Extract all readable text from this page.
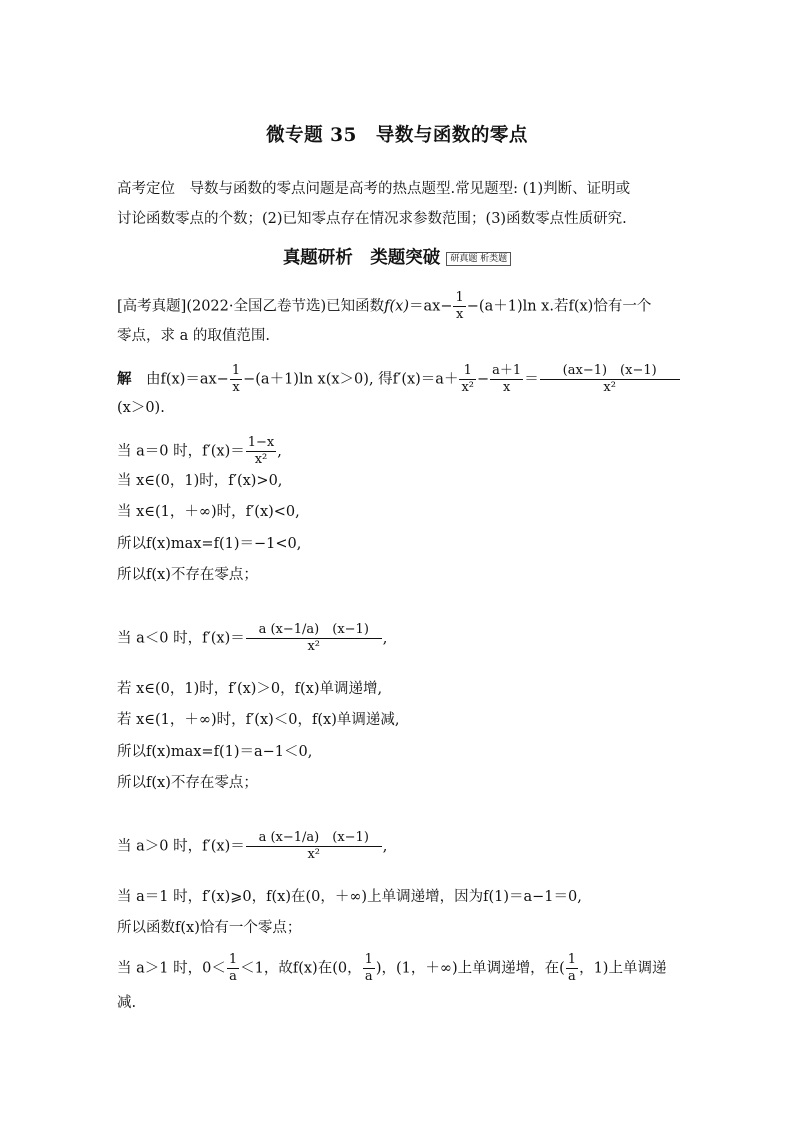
微专题 35　导数与函数的零点
高考定位　导数与函数的零点问题是高考的热点题型.常见题型: (1)判断、证明或
讨论函数零点的个数；(2)已知零点存在情况求参数范围；(3)函数零点性质研究.
真题研析　类题突破 研真题 析类题
[高考真题](2022·全国乙卷节选)已知函数$f(x)=ax- \frac{1}{x} -(a+1)\ln$ x.若f(x)恰有一个
零点，求 a 的取值范围.
解　 由$f(x)=ax- \frac{1}{x} -(a+1)\ln$ x(x＞0), 得$f'(x)=a+ \frac{1}{\text{x²}} - \frac{a+1}{x} = \frac{(ax-1) (x-1)}{\text{x²}}$
(x＞0).
当 a＝0 时，$f'(x)= \frac{1-x}{\text{x²}}$ ,
当 x∈(0，1)时，f′(x)>0,
当 x∈(1，＋∞)时，f′(x)<0,
所以f(x)max=f(1)＝−1<0,
所以f(x)不存在零点；
当 a＜0 时，$f'(x)= \frac{a (x-1/a) (x-1)}{\text{x²}}$ ,
若 x∈(0，1)时，f′(x)＞0，f(x)单调递增,
若 x∈(1，＋∞)时，f′(x)＜0，f(x)单调递减,
所以f(x)max=f(1)＝a−1＜0,
所以f(x)不存在零点；
当 a＞0 时，$f'(x)= \frac{a (x-1/a) (x-1)}{\text{x²}}$ ,
当 a＝1 时，f′(x)⩾0，f(x)在(0，＋∞)上单调递增，因为f(1)＝a−1＝0,
所以函数f(x)恰有一个零点；
当 a＞1 时，$0< \frac{1}{a} <1$，故f(x)在(0， $\frac{1}{a}$ )，(1，＋∞)上单调递增，在( $\frac{1}{a}$ ，1)上单调递
减.
